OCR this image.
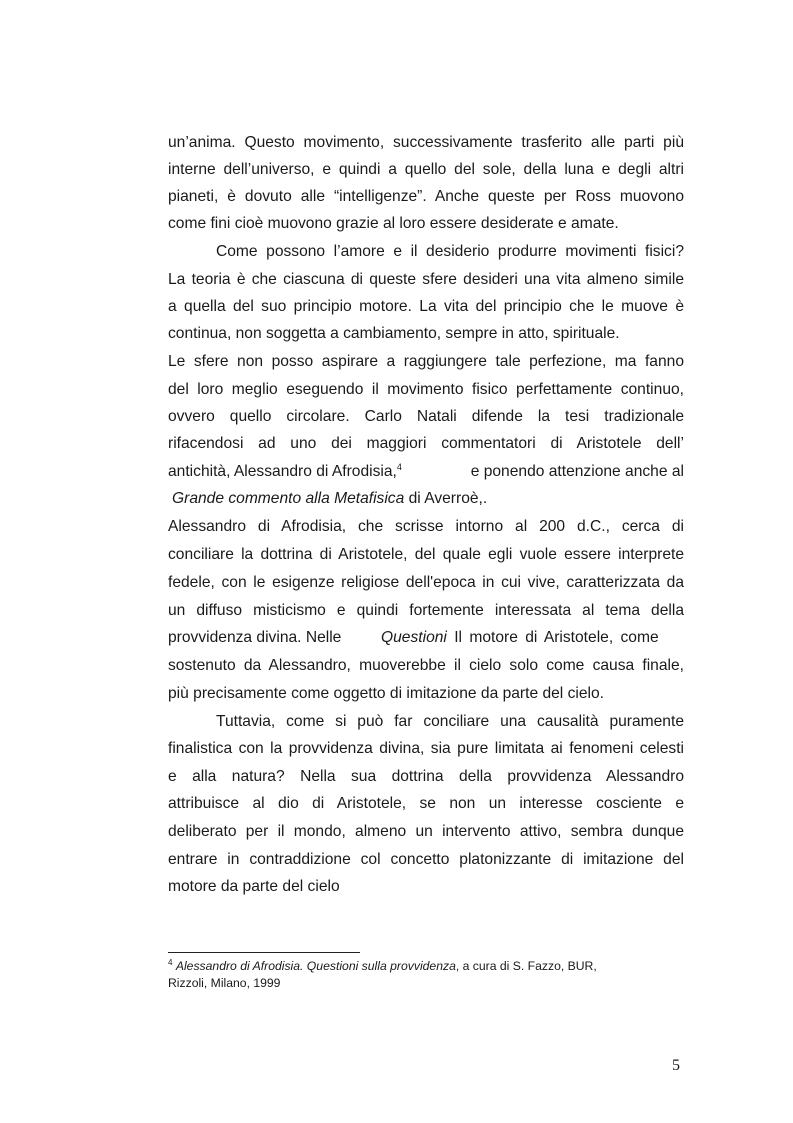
un’anima. Questo movimento, successivamente trasferito alle parti più
interne dell’universo, e quindi a quello del sole, della luna e degli altri
pianeti, è dovuto alle “intelligenze”. Anche queste per Ross muovono
come fini cioè muovono grazie al loro essere desiderate e amate.
Come possono l’amore e il desiderio produrre movimenti fisici?
La teoria è che ciascuna di queste sfere desideri una vita almeno simile
a quella del suo principio motore. La vita del principio che le muove è
continua, non soggetta a cambiamento, sempre in atto, spirituale.
Le sfere non posso aspirare a raggiungere tale perfezione, ma fanno
del loro meglio eseguendo il movimento fisico perfettamente continuo,
ovvero quello circolare. Carlo Natali difende la tesi tradizionale
rifacendosi ad uno dei maggiori commentatori di Aristotele dell’
antichità, Alessandro di Afrodisia,$^4$	e ponendo attenzione anche al
Grande commento alla Metafisica di Averroè,.
Alessandro di Afrodisia, che scrisse intorno al 200 d.C., cerca di
conciliare la dottrina di Aristotele, del quale egli vuole essere interprete
fedele, con le esigenze religiose dell'epoca in cui vive, caratterizzata da
un diffuso misticismo e quindi fortemente interessata al tema della
provvidenza divina. Nelle	Questioni Il motore di Aristotele, come
sostenuto da Alessandro, muoverebbe il cielo solo come causa finale,
più precisamente come oggetto di imitazione da parte del cielo.
Tuttavia, come si può far conciliare una causalità puramente
finalistica con la provvidenza divina, sia pure limitata ai fenomeni celesti
e alla natura? Nella sua dottrina della provvidenza Alessandro
attribuisce al dio di Aristotele, se non un interesse cosciente e
deliberato per il mondo, almeno un intervento attivo, sembra dunque
entrare in contraddizione col concetto platonizzante di imitazione del
motore da parte del cielo
$^4$ Alessandro di Afrodisia. Questioni sulla provvidenza, a cura di S. Fazzo, BUR,
Rizzoli, Milano, 1999
5
